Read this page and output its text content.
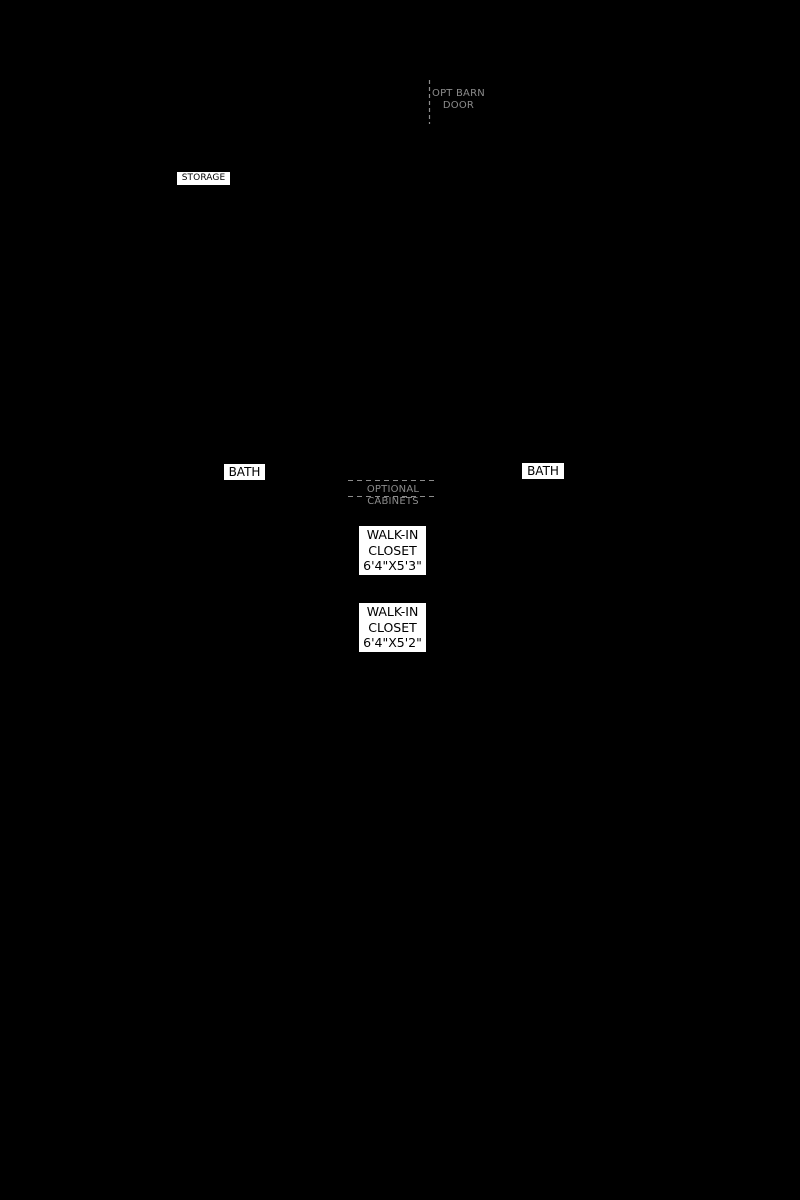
OPT BARN
DOOR
STORAGE
BATH	BATH
OPTIONAL
CABINETS
WALK-IN
CLOSET
6'4"X5'3"
WALK-IN
CLOSET
6'4"X5'2"
